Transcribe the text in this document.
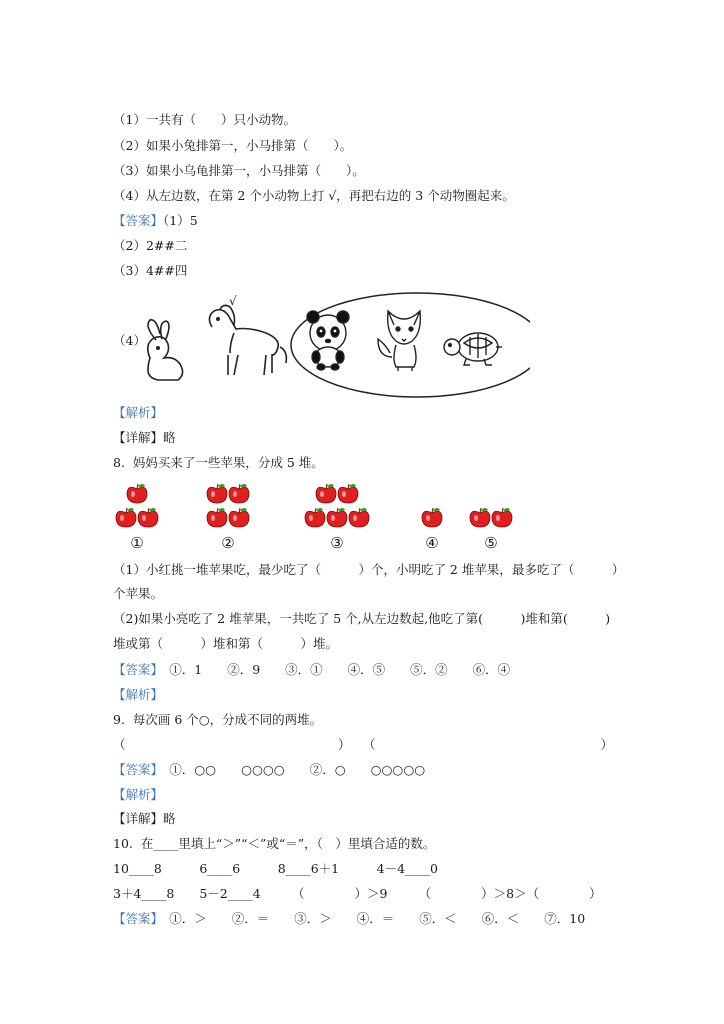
（1）一共有（　　）只小动物。
（2）如果小兔排第一，小马排第（　　）。
（3）如果小乌龟排第一，小马排第（　　）。
（4）从左边数，在第 2 个小动物上打 √，再把右边的 3 个动物圈起来。
【答案】（1）5
（2）2##二
（3）4##四
（4）
√
【解析】
【详解】略
8.  妈妈买来了一些苹果，分成 5 堆。
①	②	③	④	⑤
（1）小红挑一堆苹果吃，最少吃了（　　　）个，小明吃了 2 堆苹果，最多吃了（　　　）
个苹果。
（2)如果小亮吃了 2 堆苹果，一共吃了 5 个,从左边数起,他吃了第(　　　)堆和第(　　　)
堆或第（　　　）堆和第（　　　）堆。
【答案】　①．1　　②．9　　③．①　　④．⑤　　⑤．②　　⑥．④
【解析】
9.  每次画 6 个○，分成不同的两堆。
（　　　　　　　　　　　　　　　　　）　　（　　　　　　　　　　　　　　　　　　）
【答案】　①．○○　　○○○○　　②．○　　○○○○○
【解析】
【详解】略
10.  在____里填上“＞”“＜”或“＝”，（　）里填合适的数。
10____8　　　6____6　　　8____6＋1　　　4－4____0
3＋4____8　　5－2____4　　　（　　　　）＞9　　　（　　　　）＞8＞（　　　　）
【答案】　①．＞　　②．＝　　③．＞　　④．＝　　⑤．＜　　⑥．＜　　⑦．10
